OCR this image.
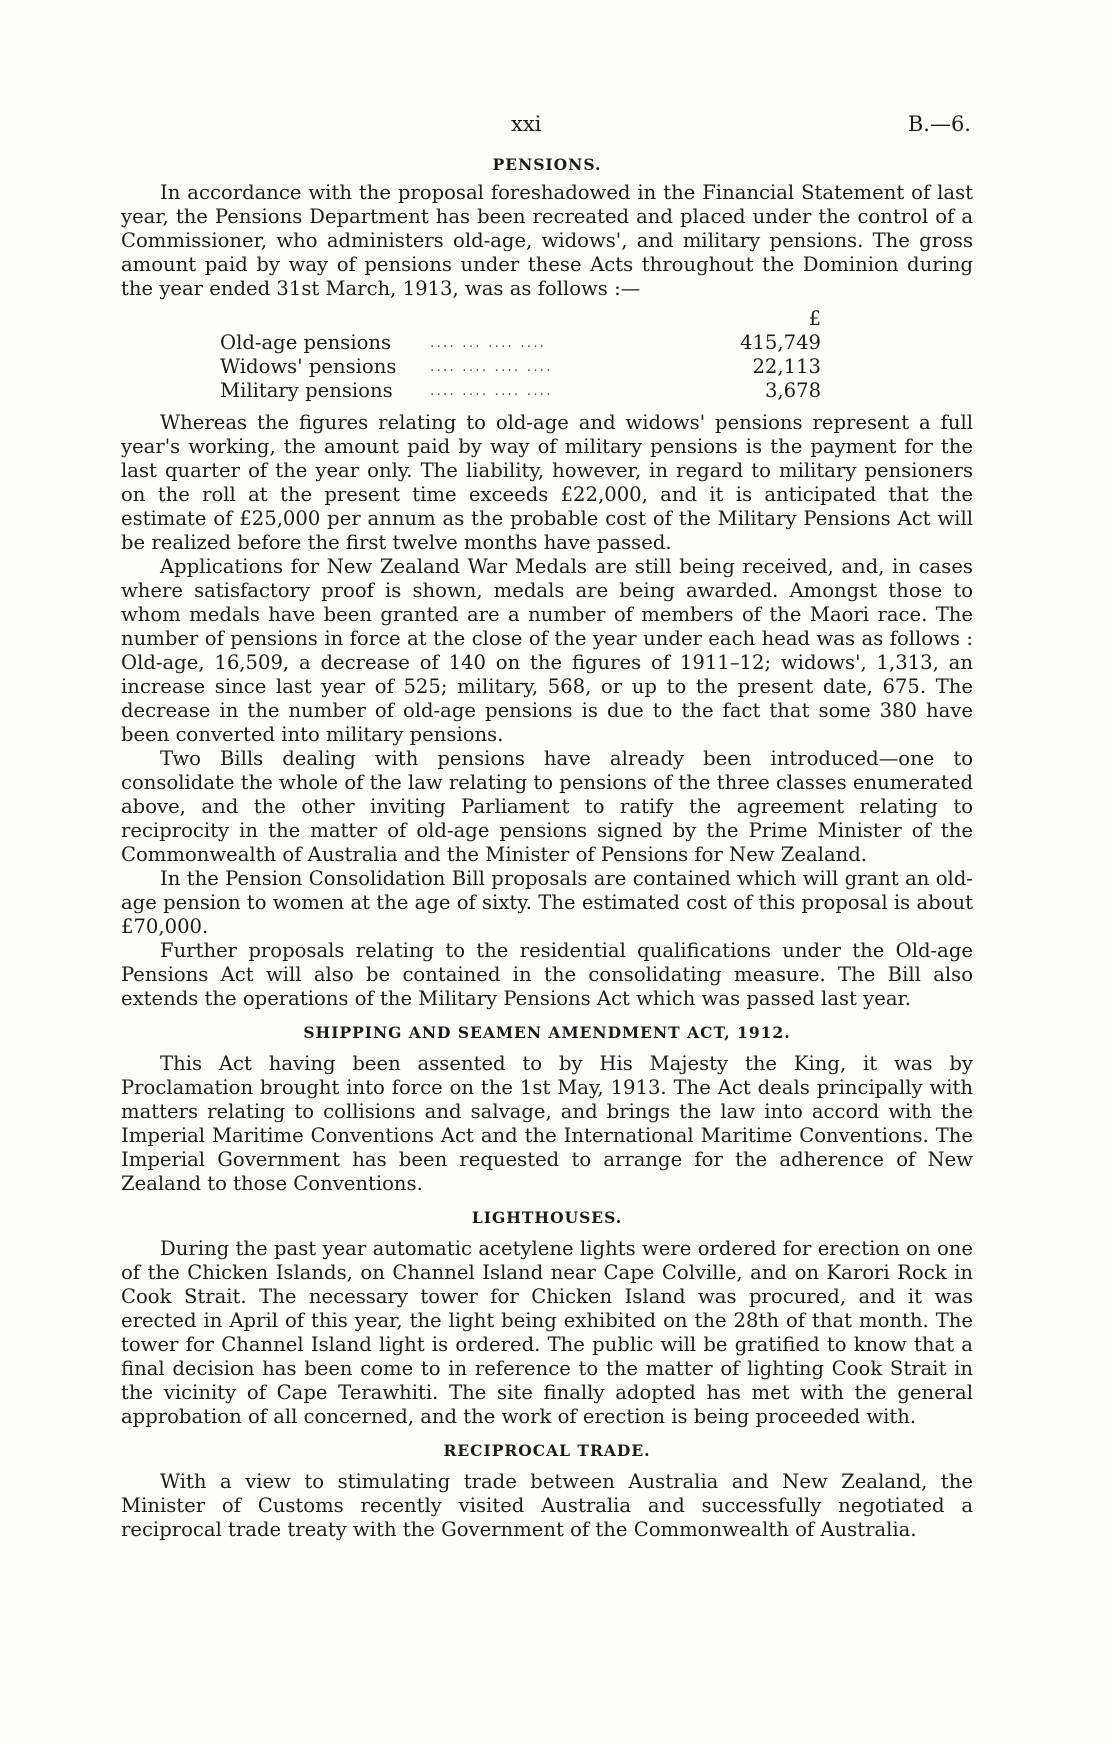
xxi	B.—6.
PENSIONS.

In accordance with the proposal foreshadowed in the Financial Statement of last year, the Pensions Department has been recreated and placed under the control of a Commissioner, who administers old-age, widows', and military pensions. The gross amount paid by way of pensions under these Acts throughout the Dominion during the year ended 31st March, 1913, was as follows :—

		£
Old-age pensions	.... ... .... ....	415,749
Widows' pensions	.... .... .... ....	22,113
Military pensions	.... .... .... ....	3,678

Whereas the figures relating to old-age and widows' pensions represent a full year's working, the amount paid by way of military pensions is the payment for the last quarter of the year only. The liability, however, in regard to military pensioners on the roll at the present time exceeds £22,000, and it is anticipated that the estimate of £25,000 per annum as the probable cost of the Military Pensions Act will be realized before the first twelve months have passed.

Applications for New Zealand War Medals are still being received, and, in cases where satisfactory proof is shown, medals are being awarded. Amongst those to whom medals have been granted are a number of members of the Maori race. The number of pensions in force at the close of the year under each head was as follows : Old-age, 16,509, a decrease of 140 on the figures of 1911–12; widows', 1,313, an increase since last year of 525; military, 568, or up to the present date, 675. The decrease in the number of old-age pensions is due to the fact that some 380 have been converted into military pensions.

Two Bills dealing with pensions have already been introduced—one to consolidate the whole of the law relating to pensions of the three classes enumerated above, and the other inviting Parliament to ratify the agreement relating to reciprocity in the matter of old-age pensions signed by the Prime Minister of the Commonwealth of Australia and the Minister of Pensions for New Zealand.

In the Pension Consolidation Bill proposals are contained which will grant an old-age pension to women at the age of sixty. The estimated cost of this proposal is about £70,000.

Further proposals relating to the residential qualifications under the Old-age Pensions Act will also be contained in the consolidating measure. The Bill also extends the operations of the Military Pensions Act which was passed last year.

SHIPPING AND SEAMEN AMENDMENT ACT, 1912.

This Act having been assented to by His Majesty the King, it was by Proclamation brought into force on the 1st May, 1913. The Act deals principally with matters relating to collisions and salvage, and brings the law into accord with the Imperial Maritime Conventions Act and the International Maritime Conventions. The Imperial Government has been requested to arrange for the adherence of New Zealand to those Conventions.

LIGHTHOUSES.

During the past year automatic acetylene lights were ordered for erection on one of the Chicken Islands, on Channel Island near Cape Colville, and on Karori Rock in Cook Strait. The necessary tower for Chicken Island was procured, and it was erected in April of this year, the light being exhibited on the 28th of that month. The tower for Channel Island light is ordered. The public will be gratified to know that a final decision has been come to in reference to the matter of lighting Cook Strait in the vicinity of Cape Terawhiti. The site finally adopted has met with the general approbation of all concerned, and the work of erection is being proceeded with.

RECIPROCAL TRADE.

With a view to stimulating trade between Australia and New Zealand, the Minister of Customs recently visited Australia and successfully negotiated a reciprocal trade treaty with the Government of the Commonwealth of Australia.
